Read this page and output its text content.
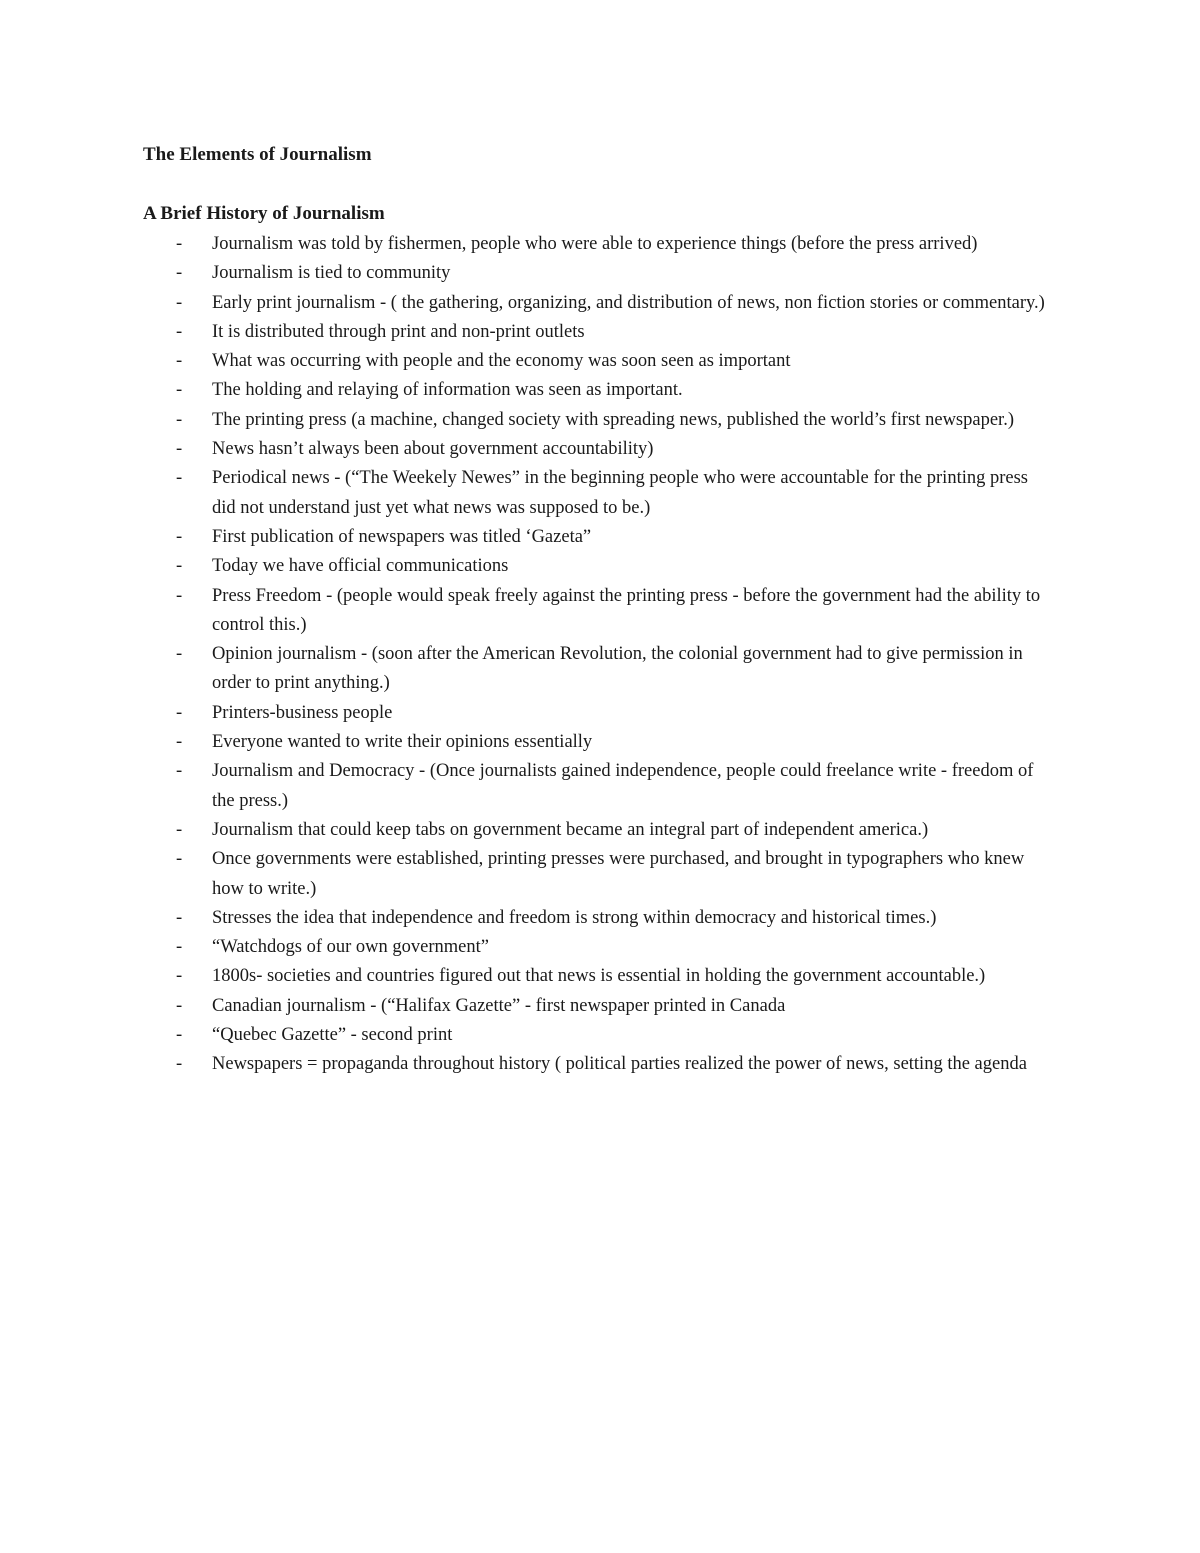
The Elements of Journalism
A Brief History of Journalism
- Journalism was told by fishermen, people who were able to experience things (before the press arrived)
- Journalism is tied to community
- Early print journalism - ( the gathering, organizing, and distribution of news, non fiction stories or commentary.)
- It is distributed through print and non-print outlets
- What was occurring with people and the economy was soon seen as important
- The holding and relaying of information was seen as important.
- The printing press (a machine, changed society with spreading news, published the world’s first newspaper.)
- News hasn’t always been about government accountability)
- Periodical news - (“The Weekely Newes” in the beginning people who were accountable for the printing press did not understand just yet what news was supposed to be.)
- First publication of newspapers was titled ‘Gazeta”
- Today we have official communications
- Press Freedom - (people would speak freely against the printing press - before the government had the ability to control this.)
- Opinion journalism - (soon after the American Revolution, the colonial government had to give permission in order to print anything.)
- Printers-business people
- Everyone wanted to write their opinions essentially
- Journalism and Democracy - (Once journalists gained independence, people could freelance write - freedom of the press.)
- Journalism that could keep tabs on government became an integral part of independent america.)
- Once governments were established, printing presses were purchased, and brought in typographers who knew how to write.)
- Stresses the idea that independence and freedom is strong within democracy and historical times.)
- “Watchdogs of our own government”
- 1800s- societies and countries figured out that news is essential in holding the government accountable.)
- Canadian journalism - (“Halifax Gazette” - first newspaper printed in Canada
- “Quebec Gazette” - second print
- Newspapers = propaganda throughout history ( political parties realized the power of news, setting the agenda
